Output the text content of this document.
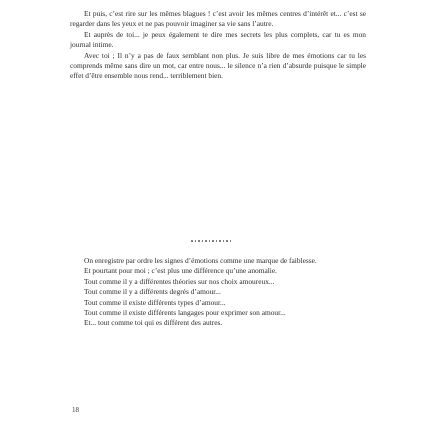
Et puis, c’est rire sur les mêmes blagues ! c’est avoir les mêmes centres d’intérêt et... c’est se regarder dans les yeux et ne pas pouvoir imaginer sa vie sans l’autre.

Et auprès de toi... je peux également te dire mes secrets les plus complets, car tu es mon journal intime.

Avec toi ; Il n’y a pas de faux semblant non plus. Je suis libre de mes émotions car tu les comprends même sans dire un mot, car entre nous... le silence n’a rien d’absurde puisque le simple effet d’être ensemble nous rend... terriblement bien.

On enregistre par ordre les signes d’émotions comme une marque de faiblesse.

Et pourtant pour moi ; c’est plus une différence qu’une anomalie.

Tout comme il y a différentes théories sur nos choix amoureux...

Tout comme il y a différents degrés d’amour...

Tout comme il existe différents types d’amour...

Tout comme il existe différents langages pour exprimer son amour...

Et... tout comme toi qui es différent des autres.

18
